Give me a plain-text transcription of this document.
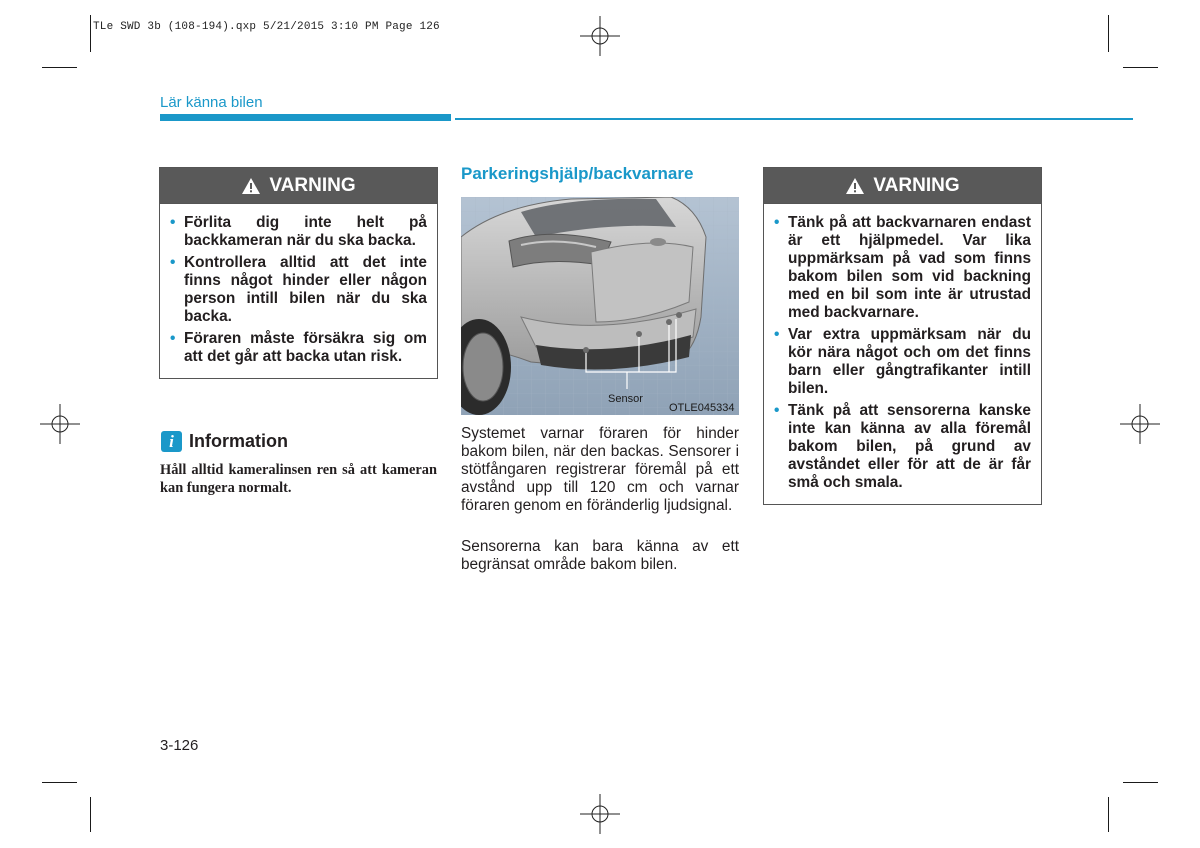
TLe SWD 3b (108-194).qxp 5/21/2015 3:10 PM Page 126
Lär känna bilen
VARNING
• Förlita dig inte helt på backkameran när du ska backa.
• Kontrollera alltid att det inte finns något hinder eller någon person intill bilen när du ska backa.
• Föraren måste försäkra sig om att det går att backa utan risk.
i Information
Håll alltid kameralinsen ren så att kameran kan fungera normalt.
Parkeringshjälp/backvarnare
Sensor
OTLE045334
Systemet varnar föraren för hinder bakom bilen, när den backas. Sensorer i stötfångaren registrerar föremål på ett avstånd upp till 120 cm och varnar föraren genom en föränderlig ljudsignal.
Sensorerna kan bara känna av ett begränsat område bakom bilen.
VARNING
• Tänk på att backvarnaren endast är ett hjälpmedel. Var lika uppmärksam på vad som finns bakom bilen som vid backning med en bil som inte är utrustad med backvarnare.
• Var extra uppmärksam när du kör nära något och om det finns barn eller gångtrafikanter intill bilen.
• Tänk på att sensorerna kanske inte kan känna av alla föremål bakom bilen, på grund av avståndet eller för att de är får små och smala.
3-126
